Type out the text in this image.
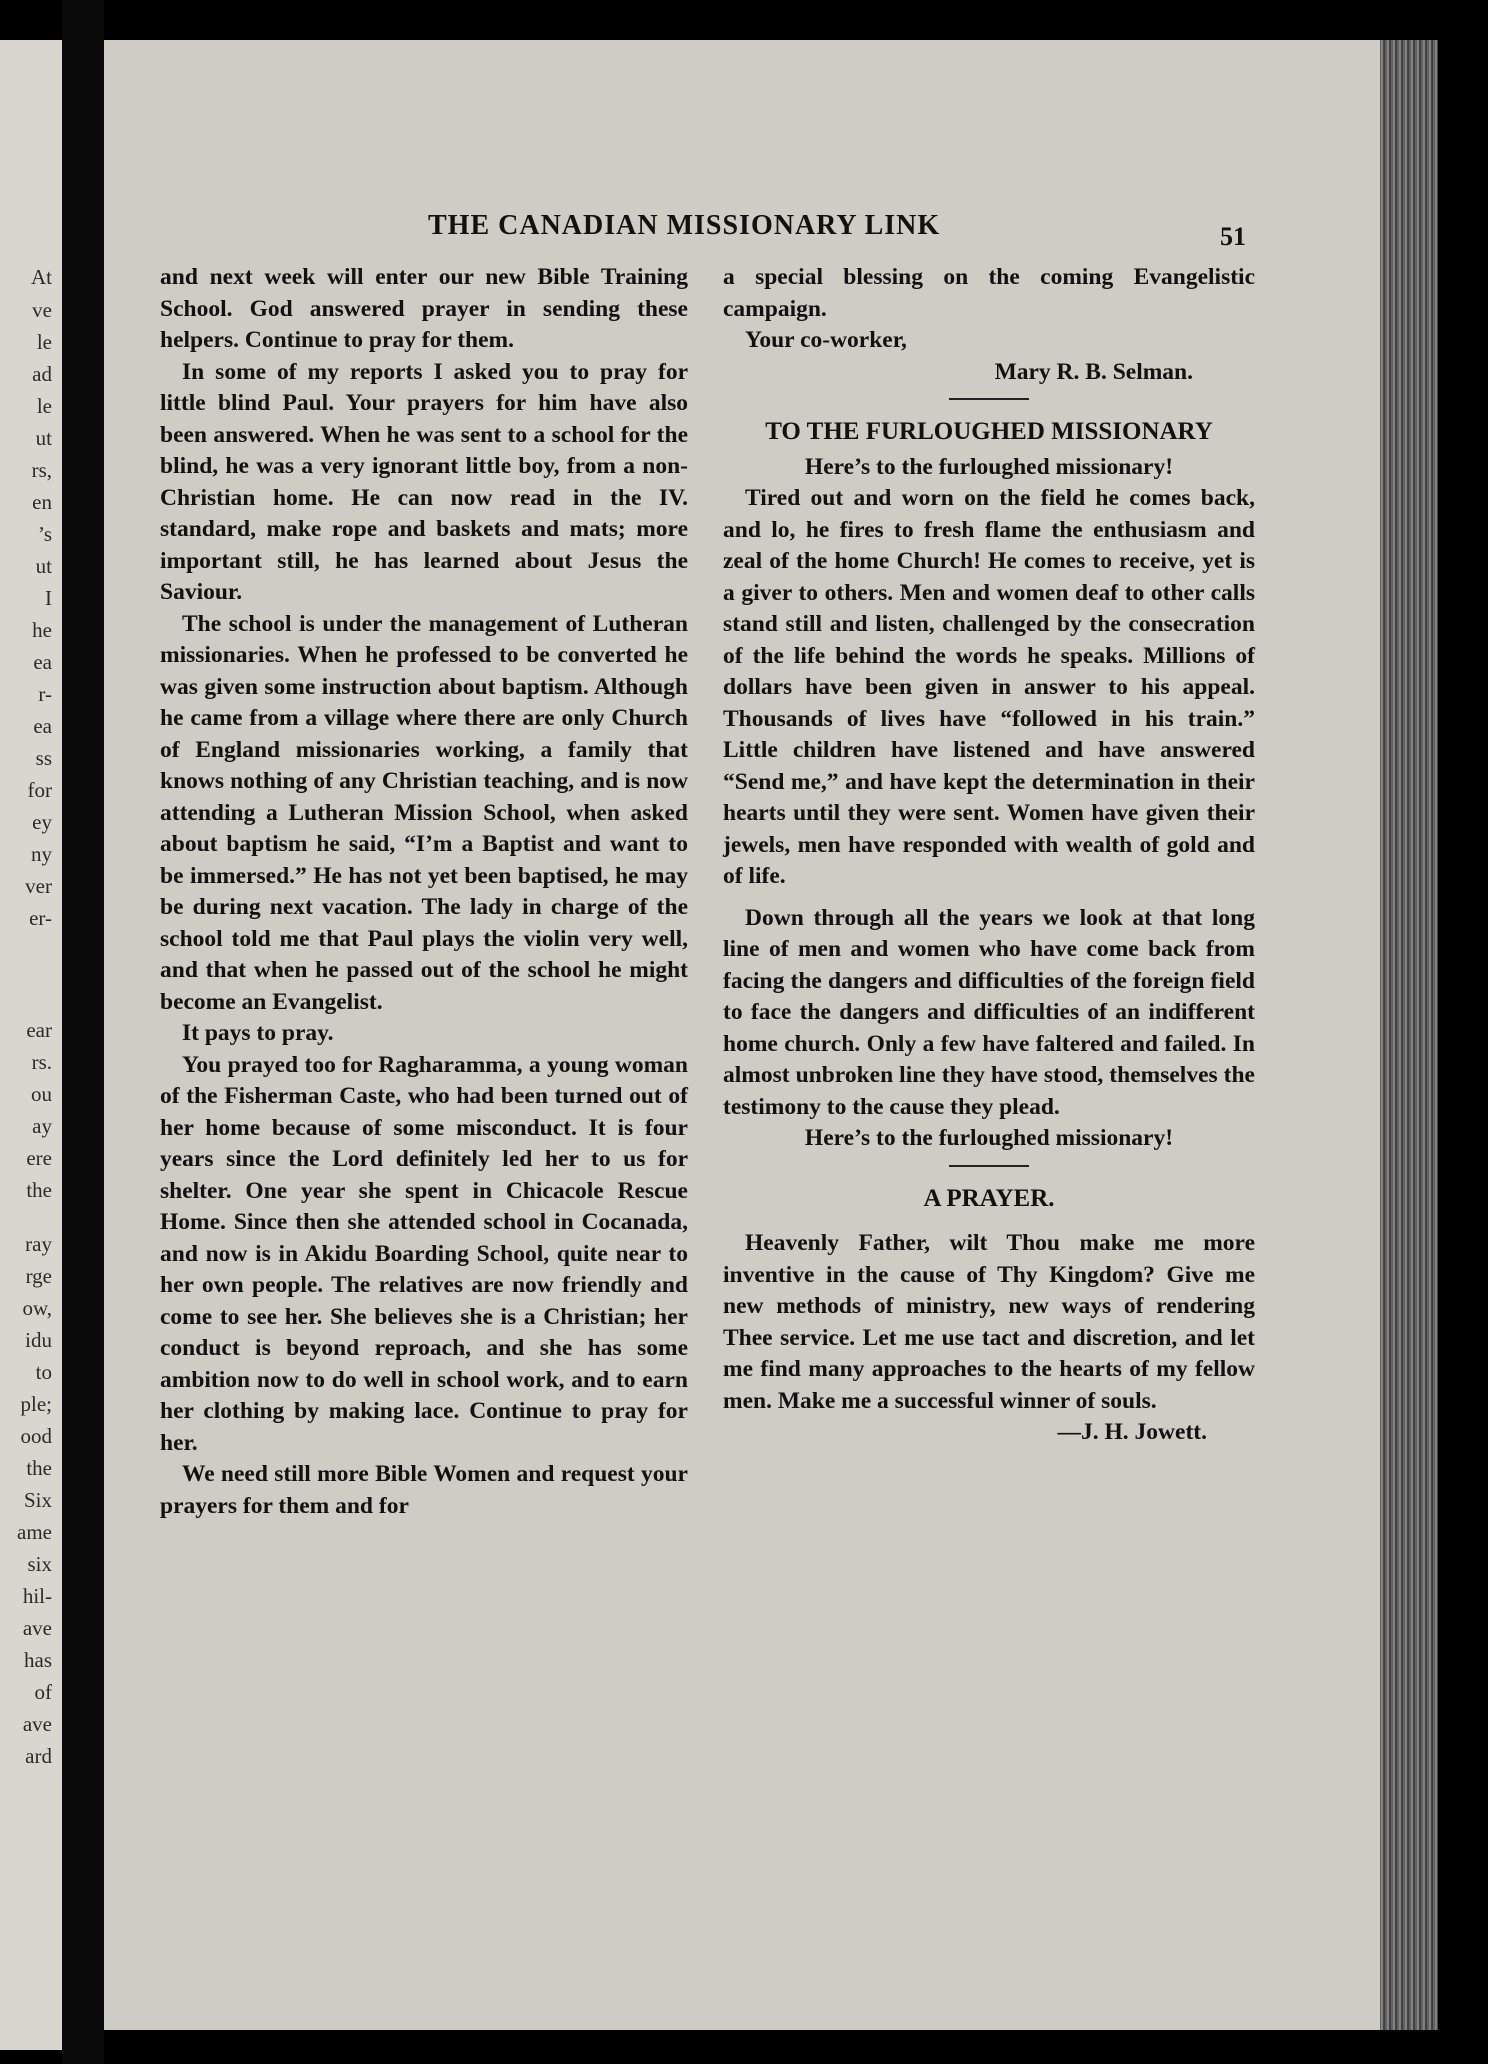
At
ve
le
ad
le
ut
rs,
en
’s
ut
I
he
ea
r-
ea
ss
for
ey
ny
ver
er-
ear
rs.
ou
ay
ere
the
ray
rge
ow,
idu
to
ple;
ood
the
Six
ame
six
hil-
ave
has
of
ave
ard
THE CANADIAN MISSIONARY LINK	51

and next week will enter our new Bible Training School. God answered prayer in sending these helpers. Continue to pray for them.

In some of my reports I asked you to pray for little blind Paul. Your prayers for him have also been answered. When he was sent to a school for the blind, he was a very ignorant little boy, from a non-Christian home. He can now read in the IV. standard, make rope and baskets and mats; more important still, he has learned about Jesus the Saviour.

The school is under the management of Lutheran missionaries. When he professed to be converted he was given some instruction about baptism. Although he came from a village where there are only Church of England missionaries working, a family that knows nothing of any Christian teaching, and is now attending a Lutheran Mission School, when asked about baptism he said, “I’m a Baptist and want to be immersed.” He has not yet been baptised, he may be during next vacation. The lady in charge of the school told me that Paul plays the violin very well, and that when he passed out of the school he might become an Evangelist.

It pays to pray.

You prayed too for Ragharamma, a young woman of the Fisherman Caste, who had been turned out of her home because of some misconduct. It is four years since the Lord definitely led her to us for shelter. One year she spent in Chicacole Rescue Home. Since then she attended school in Cocanada, and now is in Akidu Boarding School, quite near to her own people. The relatives are now friendly and come to see her. She believes she is a Christian; her conduct is beyond reproach, and she has some ambition now to do well in school work, and to earn her clothing by making lace. Continue to pray for her.

We need still more Bible Women and request your prayers for them and for

a special blessing on the coming Evangelistic campaign.

Your co-worker,

Mary R. B. Selman.

TO THE FURLOUGHED MISSIONARY

Here’s to the furloughed missionary!

Tired out and worn on the field he comes back, and lo, he fires to fresh flame the enthusiasm and zeal of the home Church! He comes to receive, yet is a giver to others. Men and women deaf to other calls stand still and listen, challenged by the consecration of the life behind the words he speaks. Millions of dollars have been given in answer to his appeal. Thousands of lives have “followed in his train.” Little children have listened and have answered “Send me,” and have kept the determination in their hearts until they were sent. Women have given their jewels, men have responded with wealth of gold and of life.

Down through all the years we look at that long line of men and women who have come back from facing the dangers and difficulties of the foreign field to face the dangers and difficulties of an indifferent home church. Only a few have faltered and failed. In almost unbroken line they have stood, themselves the testimony to the cause they plead.

Here’s to the furloughed missionary!

A PRAYER.

Heavenly Father, wilt Thou make me more inventive in the cause of Thy Kingdom? Give me new methods of ministry, new ways of rendering Thee service. Let me use tact and discretion, and let me find many approaches to the hearts of my fellow men. Make me a successful winner of souls.

—J. H. Jowett.
